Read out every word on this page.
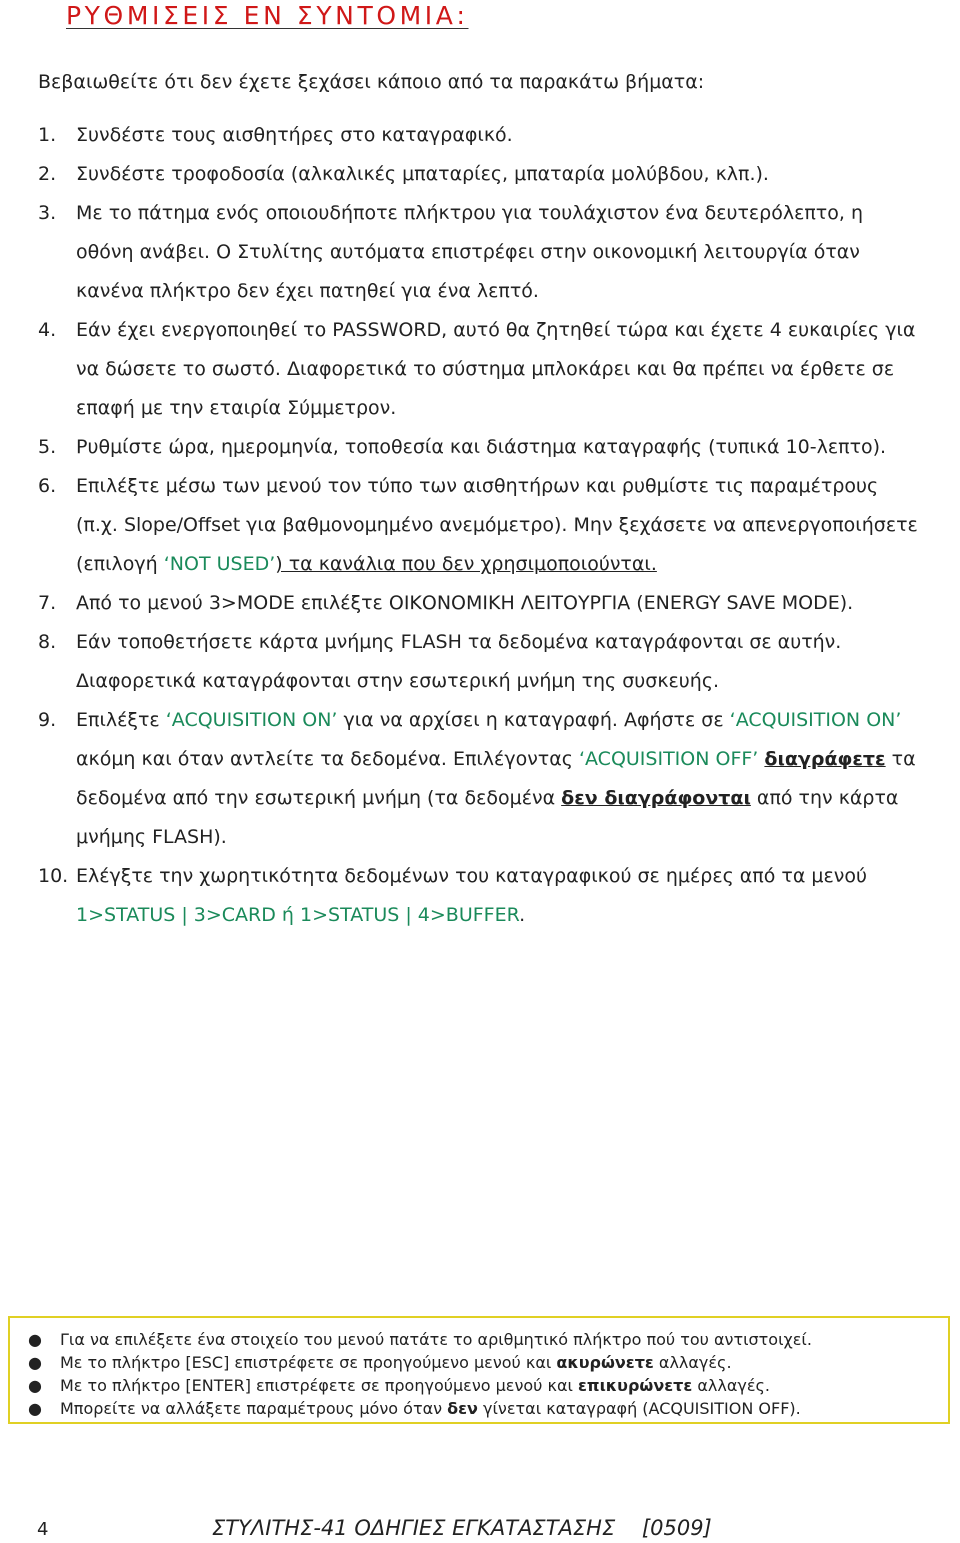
ΡΥΘΜΙΣΕΙΣ ΕΝ ΣΥΝΤΟΜΙΑ:
Βεβαιωθείτε ότι δεν έχετε ξεχάσει κάποιο από τα παρακάτω βήματα:
1.	Συνδέστε τους αισθητήρες στο καταγραφικό.
2.	Συνδέστε τροφοδοσία (αλκαλικές μπαταρίες, μπαταρία μολύβδου, κλπ.).
3.	Με το πάτημα ενός οποιουδήποτε πλήκτρου για τουλάχιστον ένα δευτερόλεπτο, η οθόνη ανάβει. Ο Στυλίτης αυτόματα επιστρέφει στην οικονομική λειτουργία όταν κανένα πλήκτρο δεν έχει πατηθεί για ένα λεπτό.
4.	Εάν έχει ενεργοποιηθεί το PASSWORD, αυτό θα ζητηθεί τώρα και έχετε 4 ευκαιρίες για να δώσετε το σωστό. Διαφορετικά το σύστημα μπλοκάρει και θα πρέπει να έρθετε σε επαφή με την εταιρία Σύμμετρον.
5.	Ρυθμίστε ώρα, ημερομηνία, τοποθεσία και διάστημα καταγραφής (τυπικά 10-λεπτο).
6.	Επιλέξτε μέσω των μενού τον τύπο των αισθητήρων και ρυθμίστε τις παραμέτρους (π.χ. Slope/Offset για βαθμονομημένο ανεμόμετρο). Μην ξεχάσετε να απενεργοποιήσετε (επιλογή ‘NOT USED’) τα κανάλια που δεν χρησιμοποιούνται.
7.	Από το μενού 3>MODE επιλέξτε ΟΙΚΟΝΟΜΙΚΗ ΛΕΙΤΟΥΡΓΙΑ (ENERGY SAVE MODE).
8.	Εάν τοποθετήσετε κάρτα μνήμης FLASH τα δεδομένα καταγράφονται σε αυτήν. Διαφορετικά καταγράφονται στην εσωτερική μνήμη της συσκευής.
9.	Επιλέξτε ‘ACQUISITION ON’ για να αρχίσει η καταγραφή. Αφήστε σε ‘ACQUISITION ON’ ακόμη και όταν αντλείτε τα δεδομένα. Επιλέγοντας ‘ACQUISITION OFF’ διαγράφετε τα δεδομένα από την εσωτερική μνήμη (τα δεδομένα δεν διαγράφονται από την κάρτα μνήμης FLASH).
10. Ελέγξτε την χωρητικότητα δεδομένων του καταγραφικού σε ημέρες από τα μενού 1>STATUS | 3>CARD ή 1>STATUS | 4>BUFFER.
●	Για να επιλέξετε ένα στοιχείο του μενού πατάτε το αριθμητικό πλήκτρο πού του αντιστοιχεί.
●	Με το πλήκτρο [ESC] επιστρέφετε σε προηγούμενο μενού και ακυρώνετε αλλαγές.
●	Με το πλήκτρο [ENTER] επιστρέφετε σε προηγούμενο μενού και επικυρώνετε αλλαγές.
●	Μπορείτε να αλλάξετε παραμέτρους μόνο όταν δεν γίνεται καταγραφή (ACQUISITION OFF).
4	ΣΤΥΛΙΤΗΣ-41 ΟΔΗΓΙΕΣ ΕΓΚΑΤΑΣΤΑΣΗΣ    [0509]
